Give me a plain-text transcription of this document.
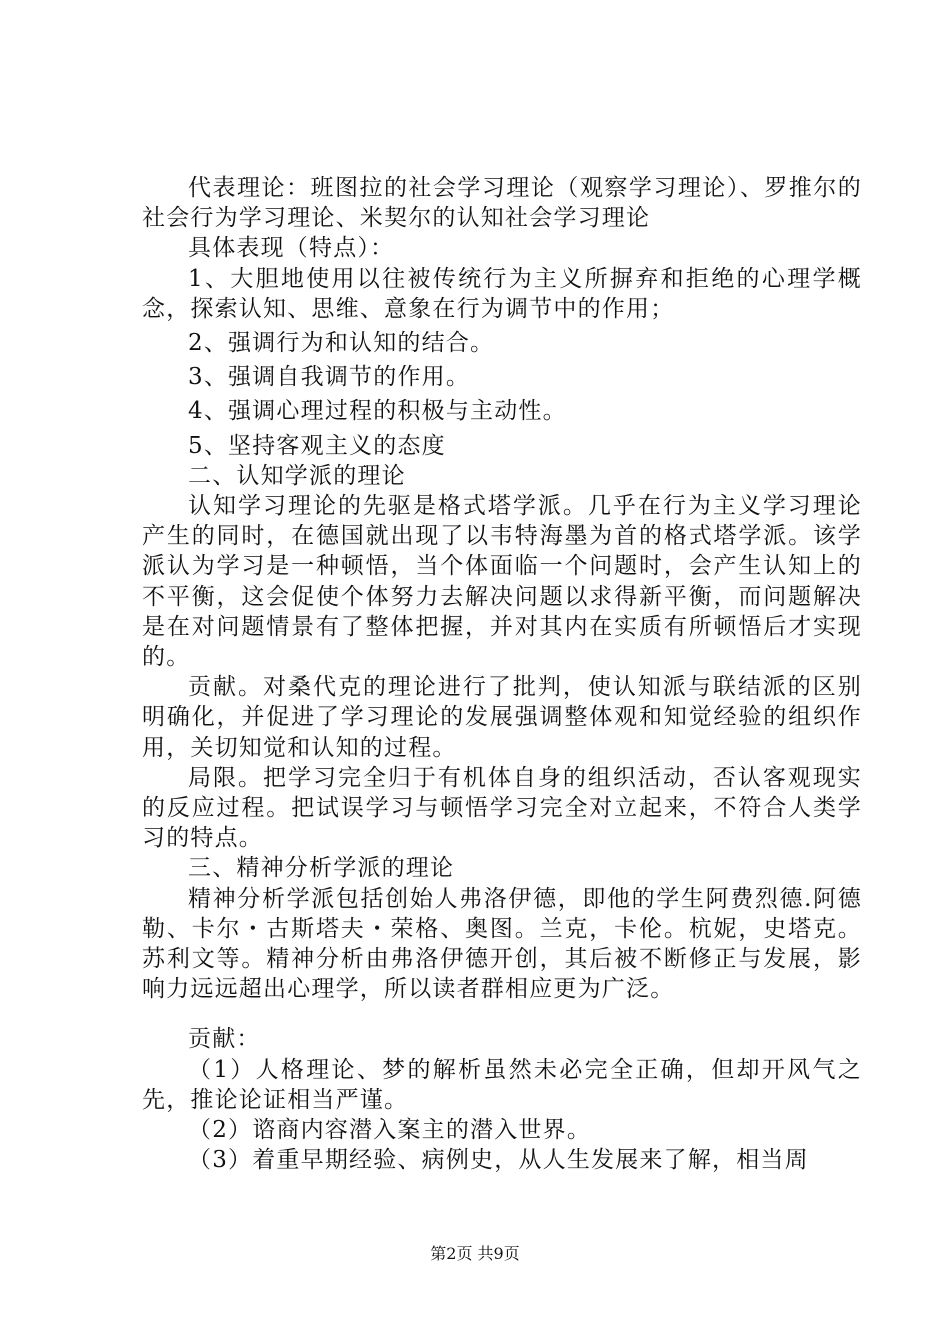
代表理论：班图拉的社会学习理论（观察学习理论）、罗推尔的社会行为学习理论、米契尔的认知社会学习理论

具体表现（特点）：

1、大胆地使用以往被传统行为主义所摒弃和拒绝的心理学概念，探索认知、思维、意象在行为调节中的作用；

2、强调行为和认知的结合。

3、强调自我调节的作用。

4、强调心理过程的积极与主动性。

5、坚持客观主义的态度

二、认知学派的理论

认知学习理论的先驱是格式塔学派。几乎在行为主义学习理论产生的同时，在德国就出现了以韦特海墨为首的格式塔学派。该学派认为学习是一种顿悟，当个体面临一个问题时，会产生认知上的不平衡，这会促使个体努力去解决问题以求得新平衡，而问题解决是在对问题情景有了整体把握，并对其内在实质有所顿悟后才实现的。

贡献。对桑代克的理论进行了批判，使认知派与联结派的区别明确化，并促进了学习理论的发展强调整体观和知觉经验的组织作用，关切知觉和认知的过程。

局限。把学习完全归于有机体自身的组织活动，否认客观现实的反应过程。把试误学习与顿悟学习完全对立起来，不符合人类学习的特点。

三、精神分析学派的理论

精神分析学派包括创始人弗洛伊德，即他的学生阿费烈德.阿德勒、卡尔・古斯塔夫・荣格、奥图。兰克，卡伦。杭妮，史塔克。苏利文等。精神分析由弗洛伊德开创，其后被不断修正与发展，影响力远远超出心理学，所以读者群相应更为广泛。

贡献：

（1）人格理论、梦的解析虽然未必完全正确，但却开风气之先，推论论证相当严谨。

（2）谘商内容潜入案主的潜入世界。

（3）着重早期经验、病例史，从人生发展来了解，相当周

第2页 共9页
